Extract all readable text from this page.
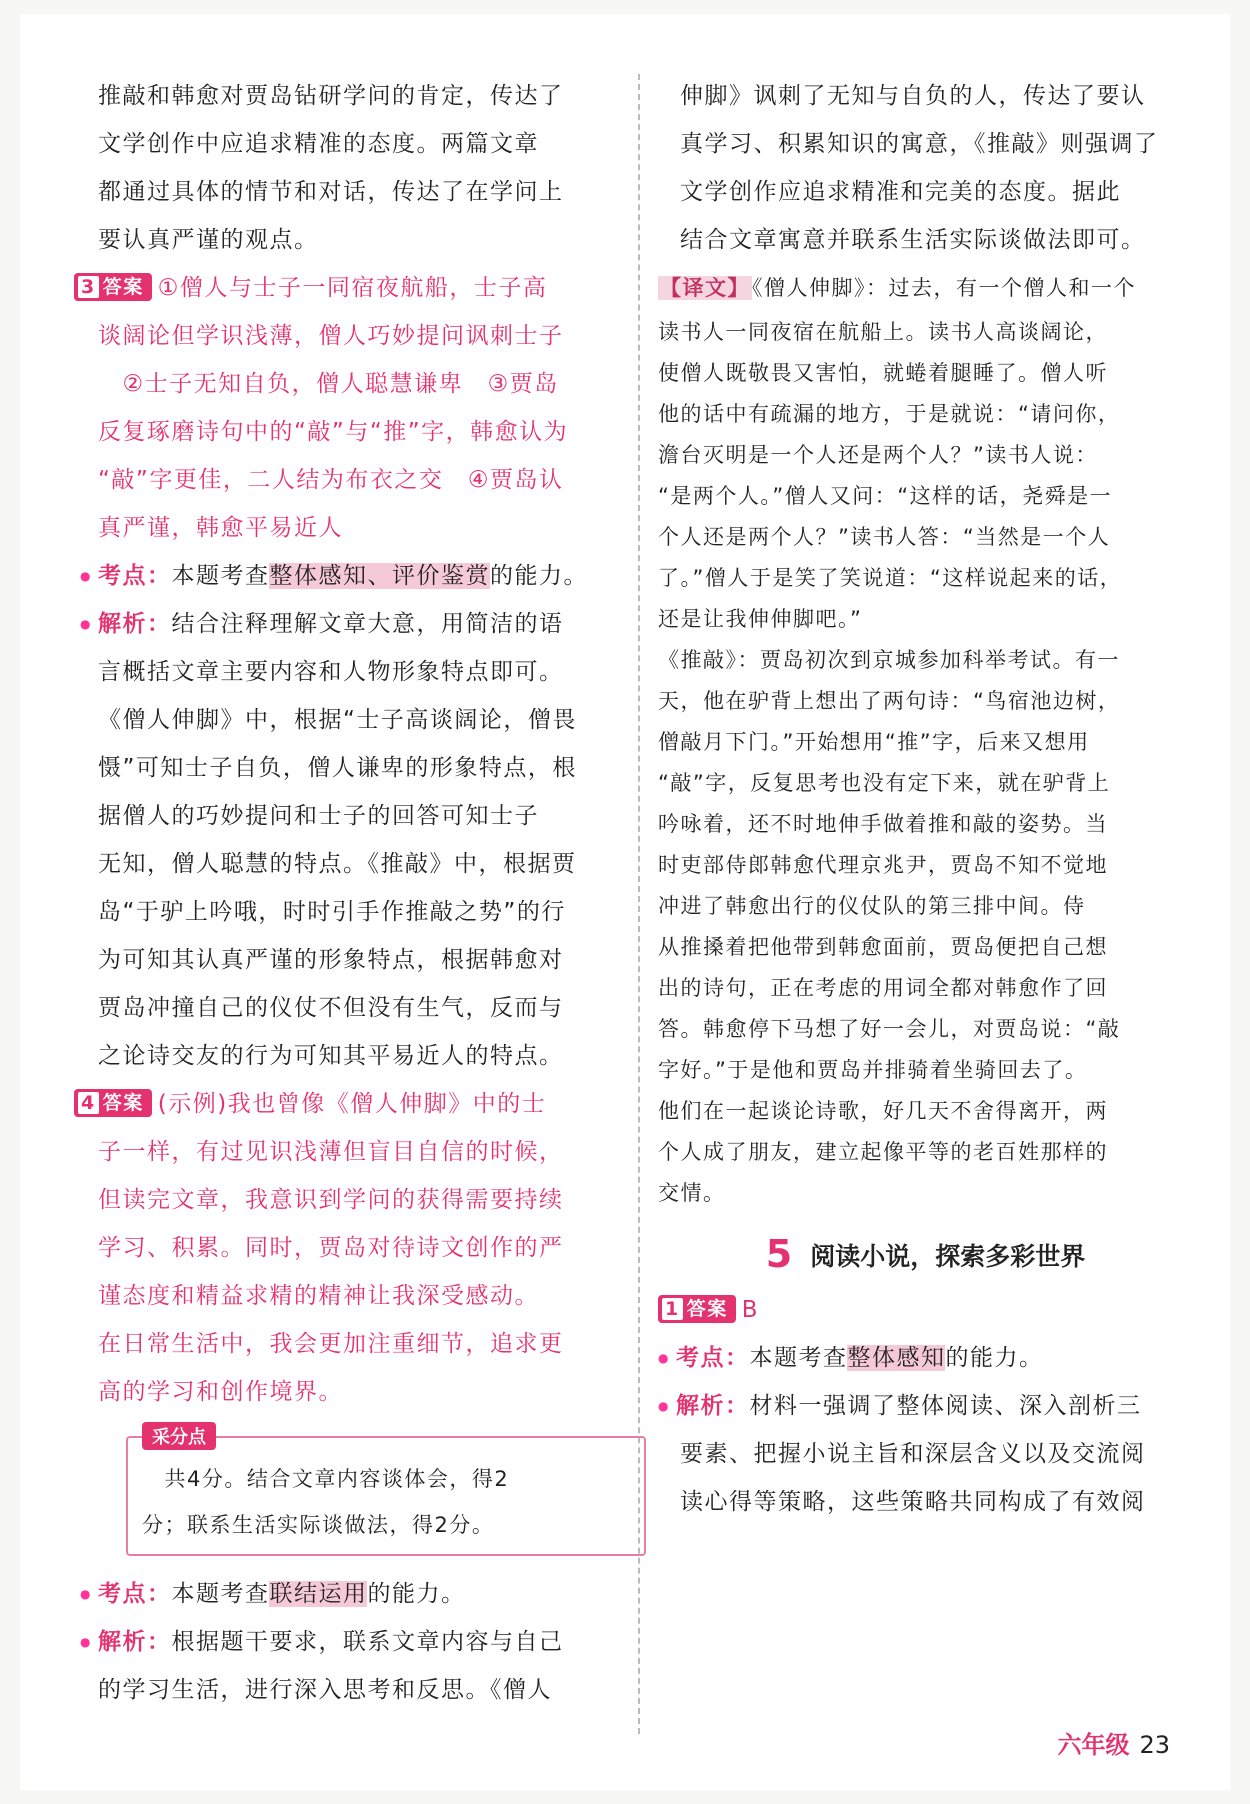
推敲和韩愈对贾岛钻研学问的肯定，传达了
文学创作中应追求精准的态度。两篇文章
都通过具体的情节和对话，传达了在学问上
要认真严谨的观点。
3 答案 ①僧人与士子一同宿夜航船，士子高
谈阔论但学识浅薄，僧人巧妙提问讽刺士子
　②士子无知自负，僧人聪慧谦卑　③贾岛
反复琢磨诗句中的“敲”与“推”字，韩愈认为
“敲”字更佳，二人结为布衣之交　④贾岛认
真严谨，韩愈平易近人
● 考点：本题考查整体感知、评价鉴赏的能力。
● 解析：结合注释理解文章大意，用简洁的语
言概括文章主要内容和人物形象特点即可。
《僧人伸脚》中，根据“士子高谈阔论，僧畏
慑”可知士子自负，僧人谦卑的形象特点，根
据僧人的巧妙提问和士子的回答可知士子
无知，僧人聪慧的特点。《推敲》中，根据贾
岛“于驴上吟哦，时时引手作推敲之势”的行
为可知其认真严谨的形象特点，根据韩愈对
贾岛冲撞自己的仪仗不但没有生气，反而与
之论诗交友的行为可知其平易近人的特点。
4 答案 (示例)我也曾像《僧人伸脚》中的士
子一样，有过见识浅薄但盲目自信的时候，
但读完文章，我意识到学问的获得需要持续
学习、积累。同时，贾岛对待诗文创作的严
谨态度和精益求精的精神让我深受感动。
在日常生活中，我会更加注重细节，追求更
高的学习和创作境界。
采分点
　共4分。结合文章内容谈体会，得2
分；联系生活实际谈做法，得2分。
● 考点：本题考查联结运用的能力。
● 解析：根据题干要求，联系文章内容与自己
的学习生活，进行深入思考和反思。《僧人
伸脚》讽刺了无知与自负的人，传达了要认
真学习、积累知识的寓意，《推敲》则强调了
文学创作应追求精准和完美的态度。据此
结合文章寓意并联系生活实际谈做法即可。
【译文】《僧人伸脚》：过去，有一个僧人和一个
读书人一同夜宿在航船上。读书人高谈阔论，
使僧人既敬畏又害怕，就蜷着腿睡了。僧人听
他的话中有疏漏的地方，于是就说：“请问你，
澹台灭明是一个人还是两个人？”读书人说：
“是两个人。”僧人又问：“这样的话，尧舜是一
个人还是两个人？”读书人答：“当然是一个人
了。”僧人于是笑了笑说道：“这样说起来的话，
还是让我伸伸脚吧。”
《推敲》：贾岛初次到京城参加科举考试。有一
天，他在驴背上想出了两句诗：“鸟宿池边树，
僧敲月下门。”开始想用“推”字，后来又想用
“敲”字，反复思考也没有定下来，就在驴背上
吟咏着，还不时地伸手做着推和敲的姿势。当
时吏部侍郎韩愈代理京兆尹，贾岛不知不觉地
冲进了韩愈出行的仪仗队的第三排中间。侍
从推搡着把他带到韩愈面前，贾岛便把自己想
出的诗句，正在考虑的用词全都对韩愈作了回
答。韩愈停下马想了好一会儿，对贾岛说：“敲
字好。”于是他和贾岛并排骑着坐骑回去了。
他们在一起谈论诗歌，好几天不舍得离开，两
个人成了朋友，建立起像平等的老百姓那样的
交情。
5 阅读小说，探索多彩世界
1 答案 B
● 考点：本题考查整体感知的能力。
● 解析：材料一强调了整体阅读、深入剖析三
要素、把握小说主旨和深层含义以及交流阅
读心得等策略，这些策略共同构成了有效阅
六年级 23
